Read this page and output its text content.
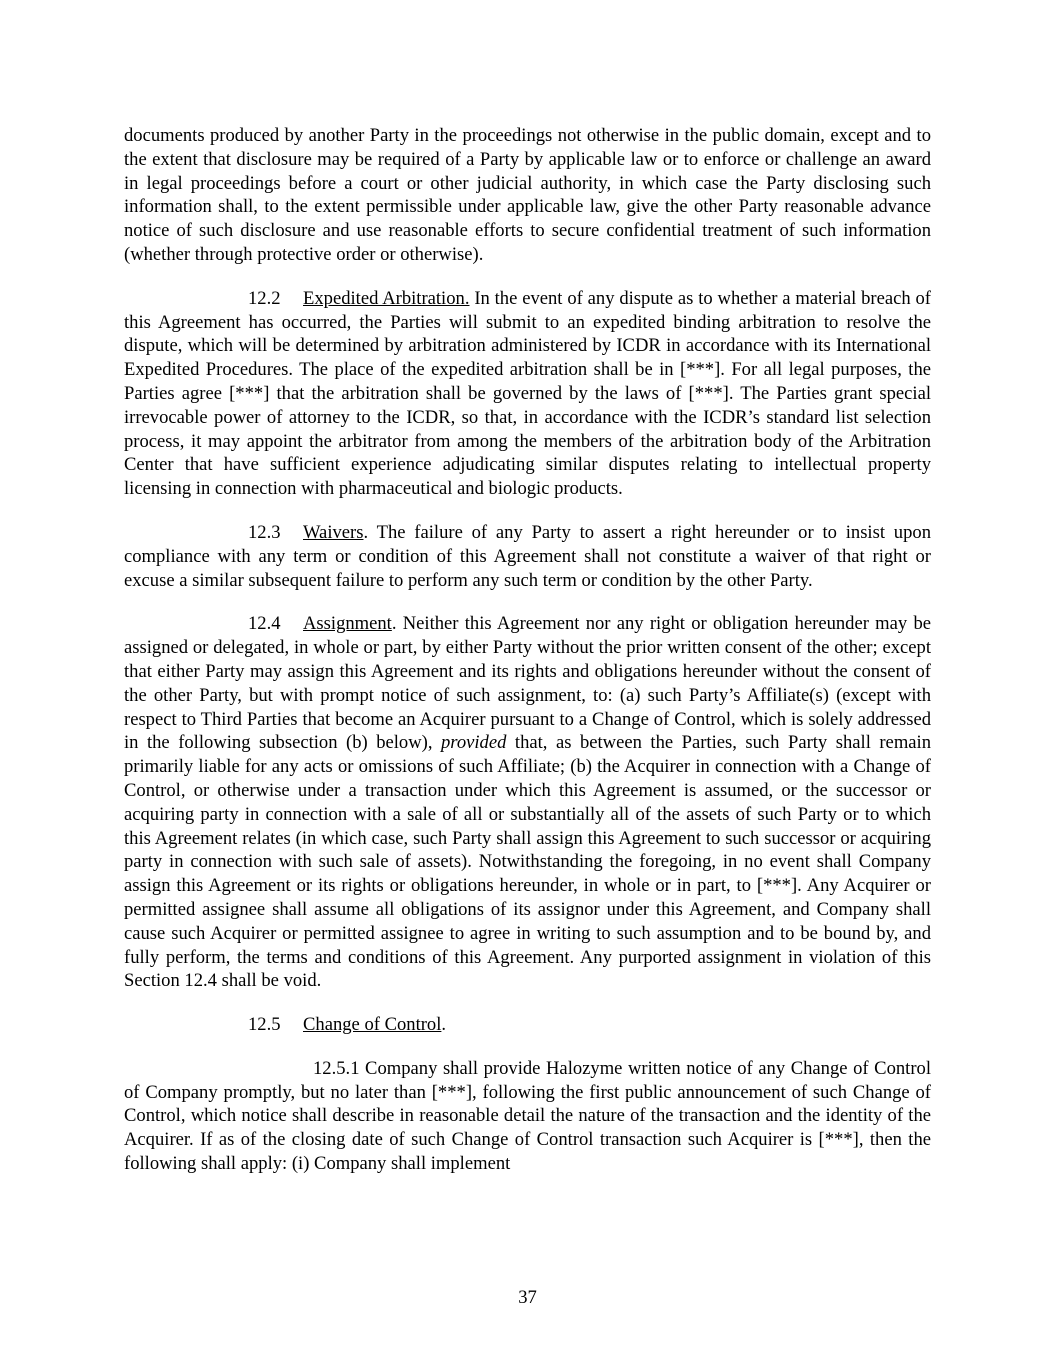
documents produced by another Party in the proceedings not otherwise in the public domain, except and to the extent that disclosure may be required of a Party by applicable law or to enforce or challenge an award in legal proceedings before a court or other judicial authority, in which case the Party disclosing such information shall, to the extent permissible under applicable law, give the other Party reasonable advance notice of such disclosure and use reasonable efforts to secure confidential treatment of such information (whether through protective order or otherwise).

12.2 Expedited Arbitration. In the event of any dispute as to whether a material breach of this Agreement has occurred, the Parties will submit to an expedited binding arbitration to resolve the dispute, which will be determined by arbitration administered by ICDR in accordance with its International Expedited Procedures. The place of the expedited arbitration shall be in [***]. For all legal purposes, the Parties agree [***] that the arbitration shall be governed by the laws of [***]. The Parties grant special irrevocable power of attorney to the ICDR, so that, in accordance with the ICDR’s standard list selection process, it may appoint the arbitrator from among the members of the arbitration body of the Arbitration Center that have sufficient experience adjudicating similar disputes relating to intellectual property licensing in connection with pharmaceutical and biologic products.

12.3 Waivers. The failure of any Party to assert a right hereunder or to insist upon compliance with any term or condition of this Agreement shall not constitute a waiver of that right or excuse a similar subsequent failure to perform any such term or condition by the other Party.

12.4 Assignment. Neither this Agreement nor any right or obligation hereunder may be assigned or delegated, in whole or part, by either Party without the prior written consent of the other; except that either Party may assign this Agreement and its rights and obligations hereunder without the consent of the other Party, but with prompt notice of such assignment, to: (a) such Party’s Affiliate(s) (except with respect to Third Parties that become an Acquirer pursuant to a Change of Control, which is solely addressed in the following subsection (b) below), provided that, as between the Parties, such Party shall remain primarily liable for any acts or omissions of such Affiliate; (b) the Acquirer in connection with a Change of Control, or otherwise under a transaction under which this Agreement is assumed, or the successor or acquiring party in connection with a sale of all or substantially all of the assets of such Party or to which this Agreement relates (in which case, such Party shall assign this Agreement to such successor or acquiring party in connection with such sale of assets). Notwithstanding the foregoing, in no event shall Company assign this Agreement or its rights or obligations hereunder, in whole or in part, to [***]. Any Acquirer or permitted assignee shall assume all obligations of its assignor under this Agreement, and Company shall cause such Acquirer or permitted assignee to agree in writing to such assumption and to be bound by, and fully perform, the terms and conditions of this Agreement. Any purported assignment in violation of this Section 12.4 shall be void.

12.5 Change of Control.

12.5.1 Company shall provide Halozyme written notice of any Change of Control of Company promptly, but no later than [***], following the first public announcement of such Change of Control, which notice shall describe in reasonable detail the nature of the transaction and the identity of the Acquirer. If as of the closing date of such Change of Control transaction such Acquirer is [***], then the following shall apply: (i) Company shall implement

37
